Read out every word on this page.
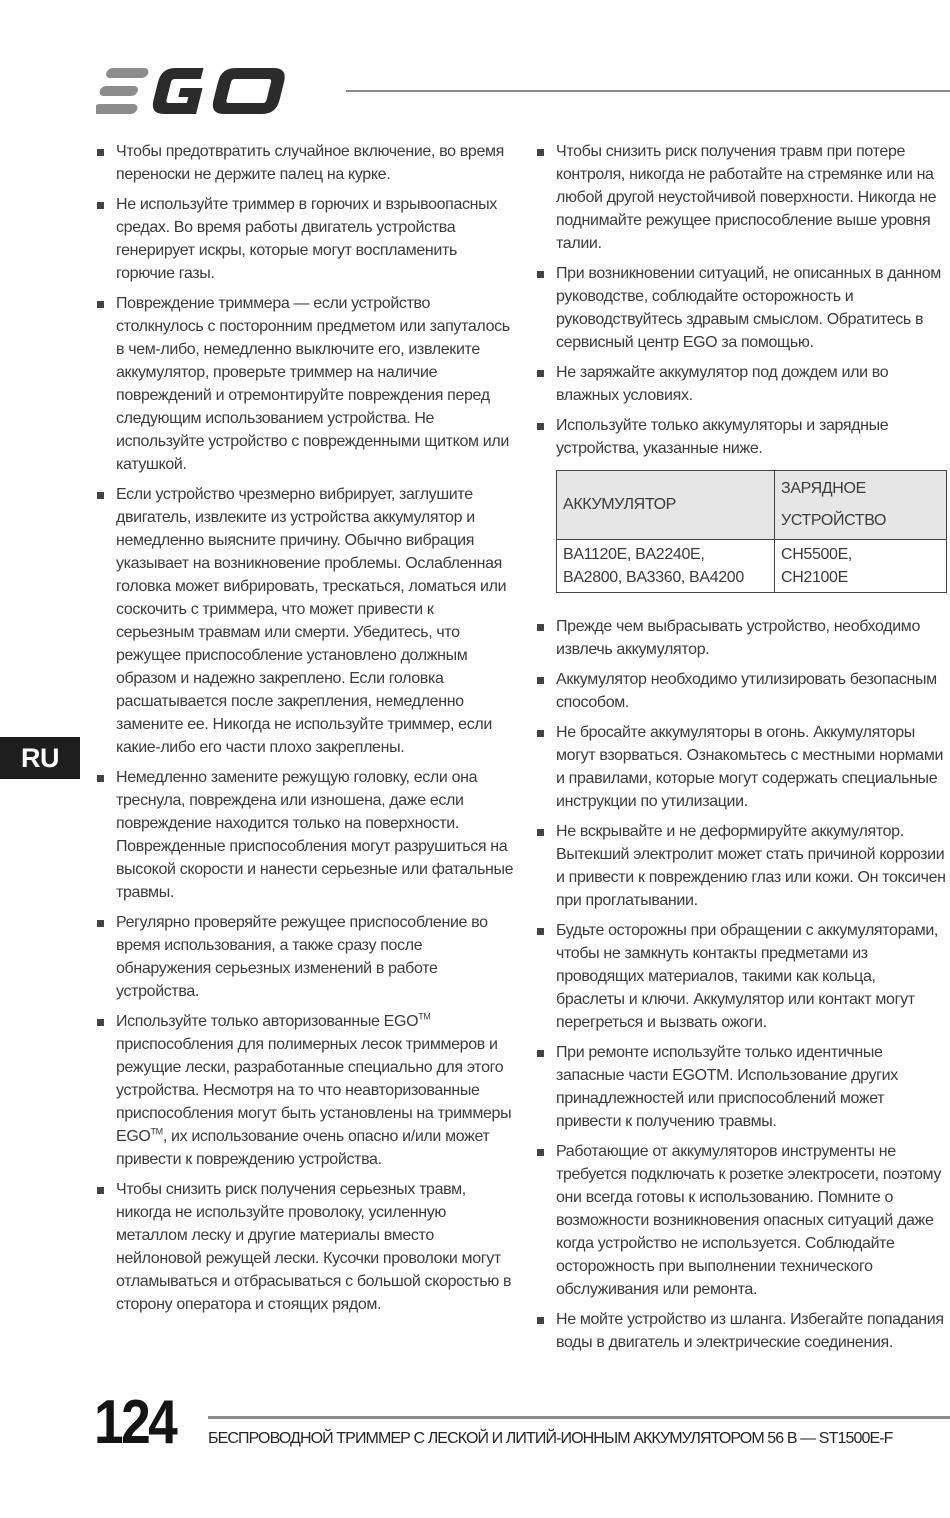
Чтобы предотвратить случайное включение, во время переноски не держите палец на курке.
Не используйте триммер в горючих и взрывоопасных средах. Во время работы двигатель устройства генерирует искры, которые могут воспламенить горючие газы.
Повреждение триммера — если устройство столкнулось с посторонним предметом или запуталось в чем-либо, немедленно выключите его, извлеките аккумулятор, проверьте триммер на наличие повреждений и отремонтируйте повреждения перед следующим использованием устройства. Не используйте устройство с поврежденными щитком или катушкой.
Если устройство чрезмерно вибрирует, заглушите двигатель, извлеките из устройства аккумулятор и немедленно выясните причину. Обычно вибрация указывает на возникновение проблемы. Ослабленная головка может вибрировать, трескаться, ломаться или соскочить с триммера, что может привести к серьезным травмам или смерти. Убедитесь, что режущее приспособление установлено должным образом и надежно закреплено. Если головка расшатывается после закрепления, немедленно замените ее. Никогда не используйте триммер, если какие-либо его части плохо закреплены.
Немедленно замените режущую головку, если она треснула, повреждена или изношена, даже если повреждение находится только на поверхности. Поврежденные приспособления могут разрушиться на высокой скорости и нанести серьезные или фатальные травмы.
Регулярно проверяйте режущее приспособление во время использования, а также сразу после обнаружения серьезных изменений в работе устройства.
Используйте только авторизованные EGO™ приспособления для полимерных лесок триммеров и режущие лески, разработанные специально для этого устройства. Несмотря на то что неавторизованные приспособления могут быть установлены на триммеры EGO™, их использование очень опасно и/или может привести к повреждению устройства.
Чтобы снизить риск получения серьезных травм, никогда не используйте проволоку, усиленную металлом леску и другие материалы вместо нейлоновой режущей лески. Кусочки проволоки могут отламываться и отбрасываться с большой скоростью в сторону оператора и стоящих рядом.
Чтобы снизить риск получения травм при потере контроля, никогда не работайте на стремянке или на любой другой неустойчивой поверхности. Никогда не поднимайте режущее приспособление выше уровня талии.
При возникновении ситуаций, не описанных в данном руководстве, соблюдайте осторожность и руководствуйтесь здравым смыслом. Обратитесь в сервисный центр EGO за помощью.
Не заряжайте аккумулятор под дождем или во влажных условиях.
Используйте только аккумуляторы и зарядные устройства, указанные ниже.
АККУМУЛЯТОР	ЗАРЯДНОЕ
УСТРОЙСТВО
BA1120E, BA2240E,
BA2800, BA3360, BA4200	CH5500E,
CH2100E
Прежде чем выбрасывать устройство, необходимо извлечь аккумулятор.
Аккумулятор необходимо утилизировать безопасным способом.
Не бросайте аккумуляторы в огонь. Аккумуляторы могут взорваться. Ознакомьтесь с местными нормами и правилами, которые могут содержать специальные инструкции по утилизации.
Не вскрывайте и не деформируйте аккумулятор. Вытекший электролит может стать причиной коррозии и привести к повреждению глаз или кожи. Он токсичен при проглатывании.
Будьте осторожны при обращении с аккумуляторами, чтобы не замкнуть контакты предметами из проводящих материалов, такими как кольца, браслеты и ключи. Аккумулятор или контакт могут перегреться и вызвать ожоги.
При ремонте используйте только идентичные запасные части EGOTM. Использование других принадлежностей или приспособлений может привести к получению травмы.
Работающие от аккумуляторов инструменты не требуется подключать к розетке электросети, поэтому они всегда готовы к использованию. Помните о возможности возникновения опасных ситуаций даже когда устройство не используется. Соблюдайте осторожность при выполнении технического обслуживания или ремонта.
Не мойте устройство из шланга. Избегайте попадания воды в двигатель и электрические соединения.
RU
124 БЕСПРОВОДНОЙ ТРИММЕР С ЛЕСКОЙ И ЛИТИЙ-ИОННЫМ АККУМУЛЯТОРОМ 56 В — ST1500E-F
